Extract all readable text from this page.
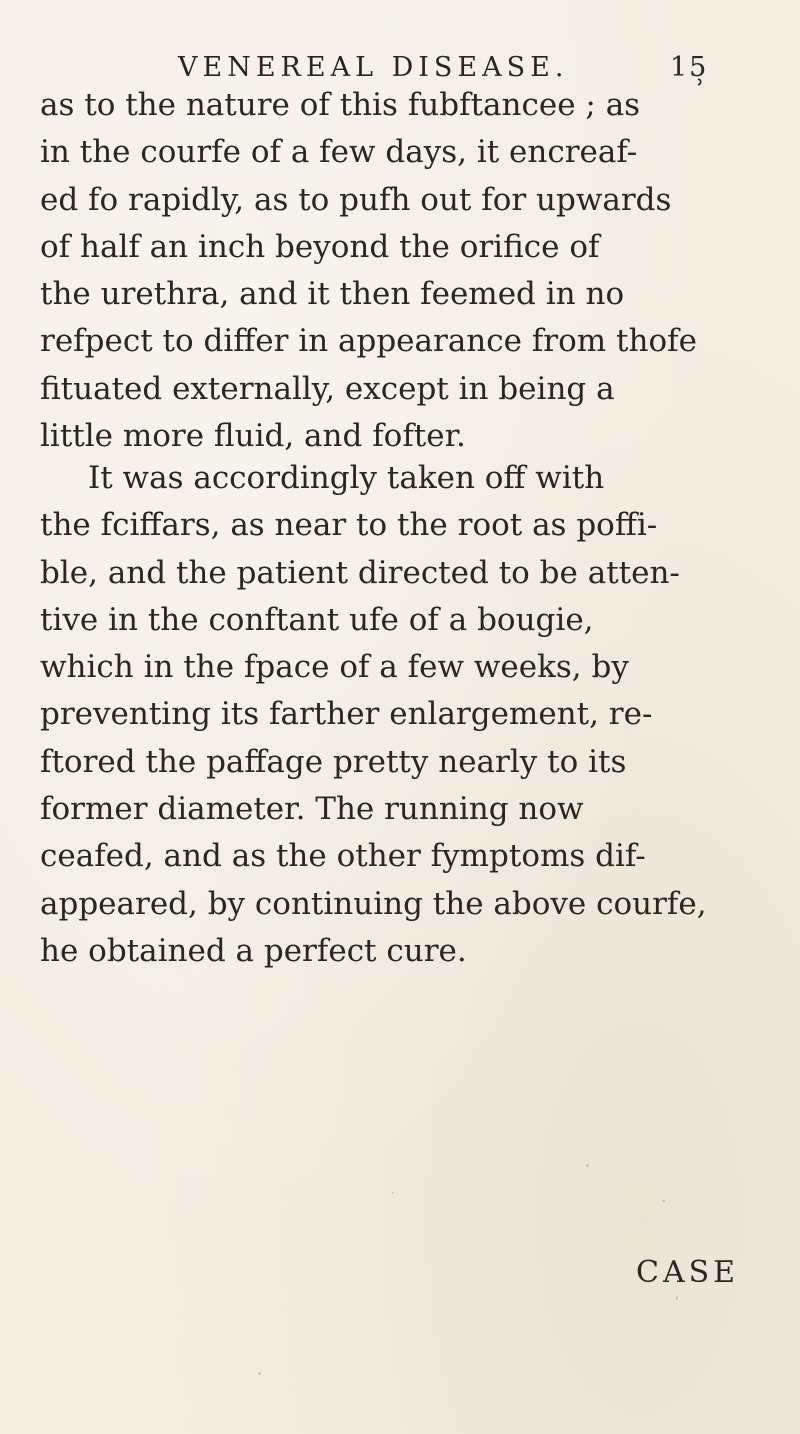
VENEREAL DISEASE.	15̹
as to the nature of this fubftancee ; as
in the courfe of a few days, it encreaf-
ed fo rapidly, as to pufh out for upwards
of half an inch beyond the orifice of
the urethra, and it then feemed in no
refpect to differ in appearance from thofe
fituated externally, except in being a
little more fluid, and fofter.
It was accordingly taken off with
the fciffars, as near to the root as poffi-
ble, and the patient directed to be atten-
tive in the conftant ufe of a bougie,
which in the fpace of a few weeks, by
preventing its farther enlargement, re-
ftored the paffage pretty nearly to its
former diameter. The running now
ceafed, and as the other fymptoms dif-
appeared, by continuing the above courfe,
he obtained a perfect cure.
CASE
